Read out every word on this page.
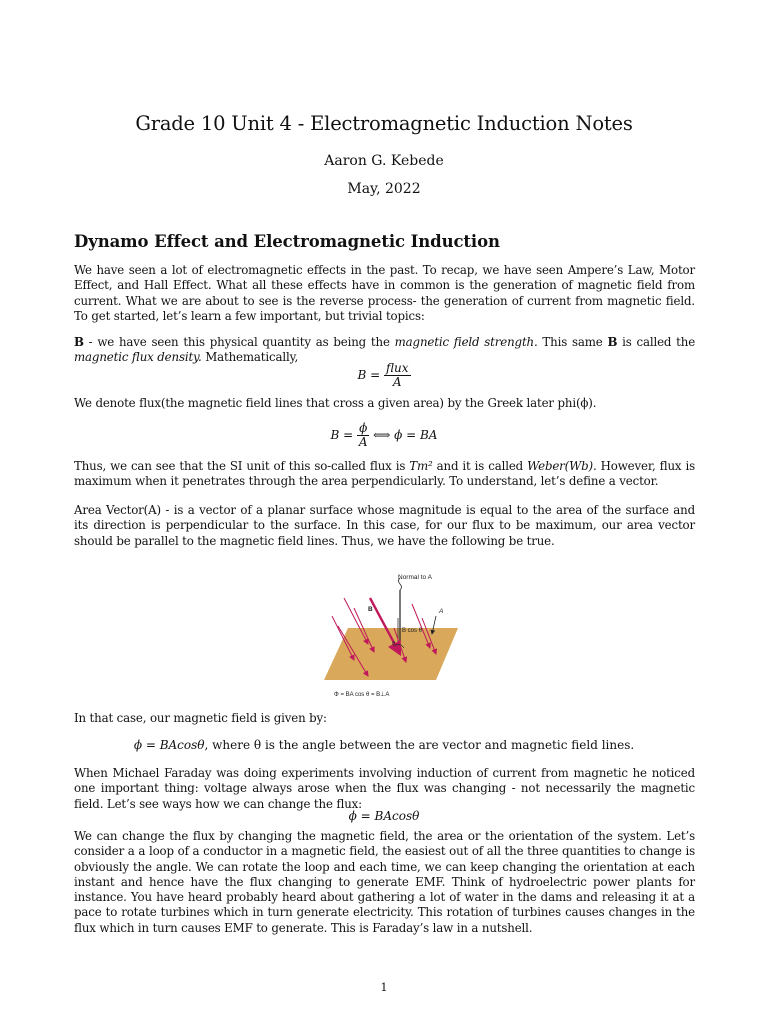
Grade 10 Unit 4 - Electromagnetic Induction Notes
Aaron G. Kebede
May, 2022
Dynamo Effect and Electromagnetic Induction
We have seen a lot of electromagnetic effects in the past. To recap, we have seen Ampere’s Law, Motor Effect, and Hall Effect. What all these effects have in common is the generation of magnetic field from current. What we are about to see is the reverse process- the generation of current from magnetic field. To get started, let’s learn a few important, but trivial topics:
B - we have seen this physical quantity as being the magnetic field strength. This same B is called the magnetic flux density. Mathematically,
$B = \frac{\text{flux}}{A}$
We denote flux(the magnetic field lines that cross a given area) by the Greek later phi(ϕ).
$B = \frac{\phi}{A}$ ⟺ ϕ = BA
Thus, we can see that the SI unit of this so-called flux is Tm² and it is called Weber(Wb). However, flux is maximum when it penetrates through the area perpendicularly. To understand, let’s define a vector.
Area Vector(A) - is a vector of a planar surface whose magnitude is equal to the area of the surface and its direction is perpendicular to the surface. In this case, for our flux to be maximum, our area vector should be parallel to the magnetic field lines. Thus, we have the following be true.
Normal to A
B	A
B cos θ
θ
Φ = BA cos θ = B⊥A
In that case, our magnetic field is given by:
ϕ = BAcosθ, where θ is the angle between the are vector and magnetic field lines.
When Michael Faraday was doing experiments involving induction of current from magnetic he noticed one important thing: voltage always arose when the flux was changing - not necessarily the magnetic field. Let’s see ways how we can change the flux:
ϕ = BAcosθ
We can change the flux by changing the magnetic field, the area or the orientation of the system. Let’s consider a a loop of a conductor in a magnetic field, the easiest out of all the three quantities to change is obviously the angle. We can rotate the loop and each time, we can keep changing the orientation at each instant and hence have the flux changing to generate EMF. Think of hydroelectric power plants for instance. You have heard probably heard about gathering a lot of water in the dams and releasing it at a pace to rotate turbines which in turn generate electricity. This rotation of turbines causes changes in the flux which in turn causes EMF to generate. This is Faraday’s law in a nutshell.
1
